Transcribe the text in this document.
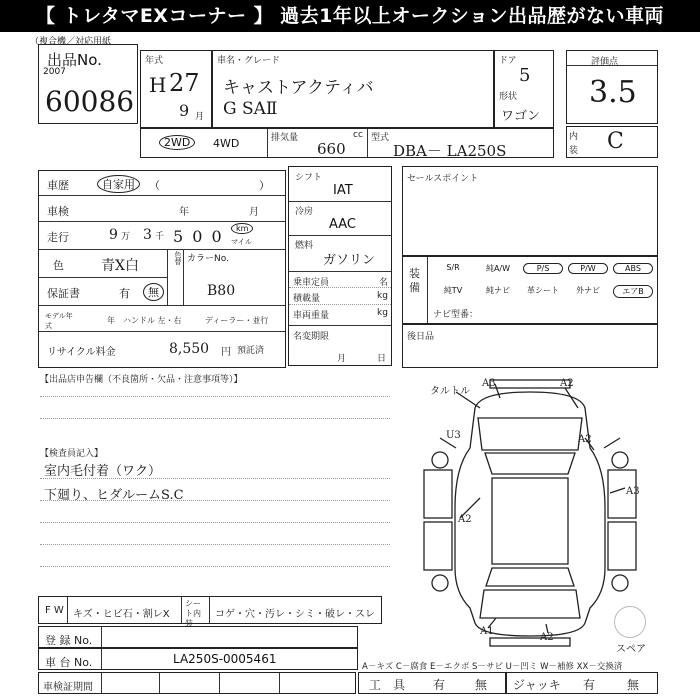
【 トレタマEXコーナー 】 過去1年以上オークション出品歴がない車両
（複合機／対応用紙
出品No.
2007
60086
年式
H 27
9 月
車名・グレード
キャストアクティバ
G SAⅡ
ドア
5
形状
ワゴン
評価点
3.5
内
装 C
2WD	4WD	排気量	cc
660
型式
DBA－ LA250S
車歴	自家用	（　　　　　　　　　）
車検	年	月
走行	9 万 3 千 5 0 0	km
マイル
色	青X白	色替 カラーNo.
保証書	有	無	B80
モデル年式
年 ハンドル 左・右	ディーラー・並行
リサイクル料金	8,550 円 預託済
シフト
IAT
冷房
AAC
燃料
ガソリン
乗車定員	名
積載量	kg
車両重量	kg
名変期限
月	日
セールスポイント
装備
S/R	純A/W	P/S	P/W	ABS
純TV	純ナビ	革シート	外ナビ	エアB
ナビ型番：
後日品
【出品店申告欄（不良箇所・欠品・注意事項等）】
【検査員記入】
室内毛付着（ワク）
下廻り、ヒダルームS.C
タルトル
A3	A2
U3	A2
A3
A2
A1
A2
スペア
F W キズ・ヒビ石・割レX
シート内装
コゲ・穴・汚レ・シミ・破レ・スレ
登 録 No.
車 台 No.	LA250S-0005461
A－キズ C－腐食 E－エクボ S－サビ U－凹ミ W－補修 XX－交換済
車検証期間	工　具 有 無 ジャッキ 有	無
